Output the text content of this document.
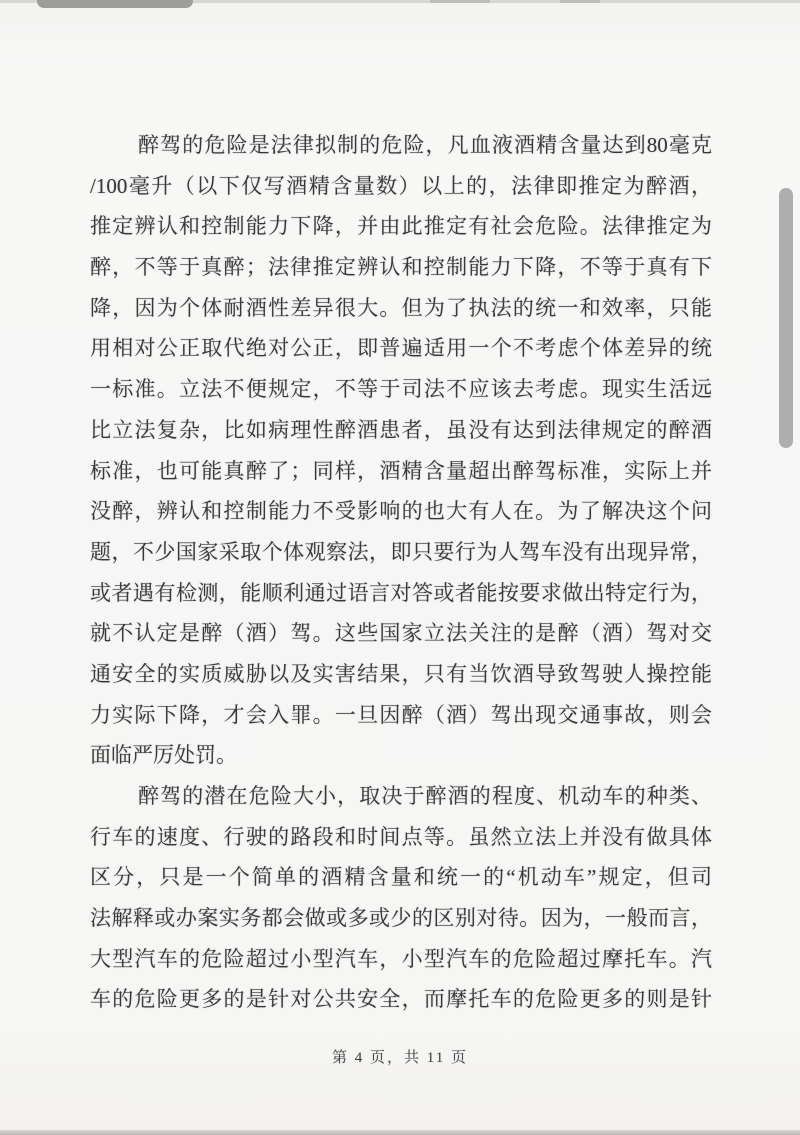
醉驾的危险是法律拟制的危险，凡血液酒精含量达到80毫克
/100毫升（以下仅写酒精含量数）以上的，法律即推定为醉酒，
推定辨认和控制能力下降，并由此推定有社会危险。法律推定为
醉，不等于真醉；法律推定辨认和控制能力下降，不等于真有下
降，因为个体耐酒性差异很大。但为了执法的统一和效率，只能
用相对公正取代绝对公正，即普遍适用一个不考虑个体差异的统
一标准。立法不便规定，不等于司法不应该去考虑。现实生活远
比立法复杂，比如病理性醉酒患者，虽没有达到法律规定的醉酒
标准，也可能真醉了；同样，酒精含量超出醉驾标准，实际上并
没醉，辨认和控制能力不受影响的也大有人在。为了解决这个问
题，不少国家采取个体观察法，即只要行为人驾车没有出现异常，
或者遇有检测，能顺利通过语言对答或者能按要求做出特定行为，
就不认定是醉（酒）驾。这些国家立法关注的是醉（酒）驾对交
通安全的实质威胁以及实害结果，只有当饮酒导致驾驶人操控能
力实际下降，才会入罪。一旦因醉（酒）驾出现交通事故，则会
面临严厉处罚。
醉驾的潜在危险大小，取决于醉酒的程度、机动车的种类、
行车的速度、行驶的路段和时间点等。虽然立法上并没有做具体
区分，只是一个简单的酒精含量和统一的“机动车”规定，但司
法解释或办案实务都会做或多或少的区别对待。因为，一般而言，
大型汽车的危险超过小型汽车，小型汽车的危险超过摩托车。汽
车的危险更多的是针对公共安全，而摩托车的危险更多的则是针
第 4 页，共 11 页
